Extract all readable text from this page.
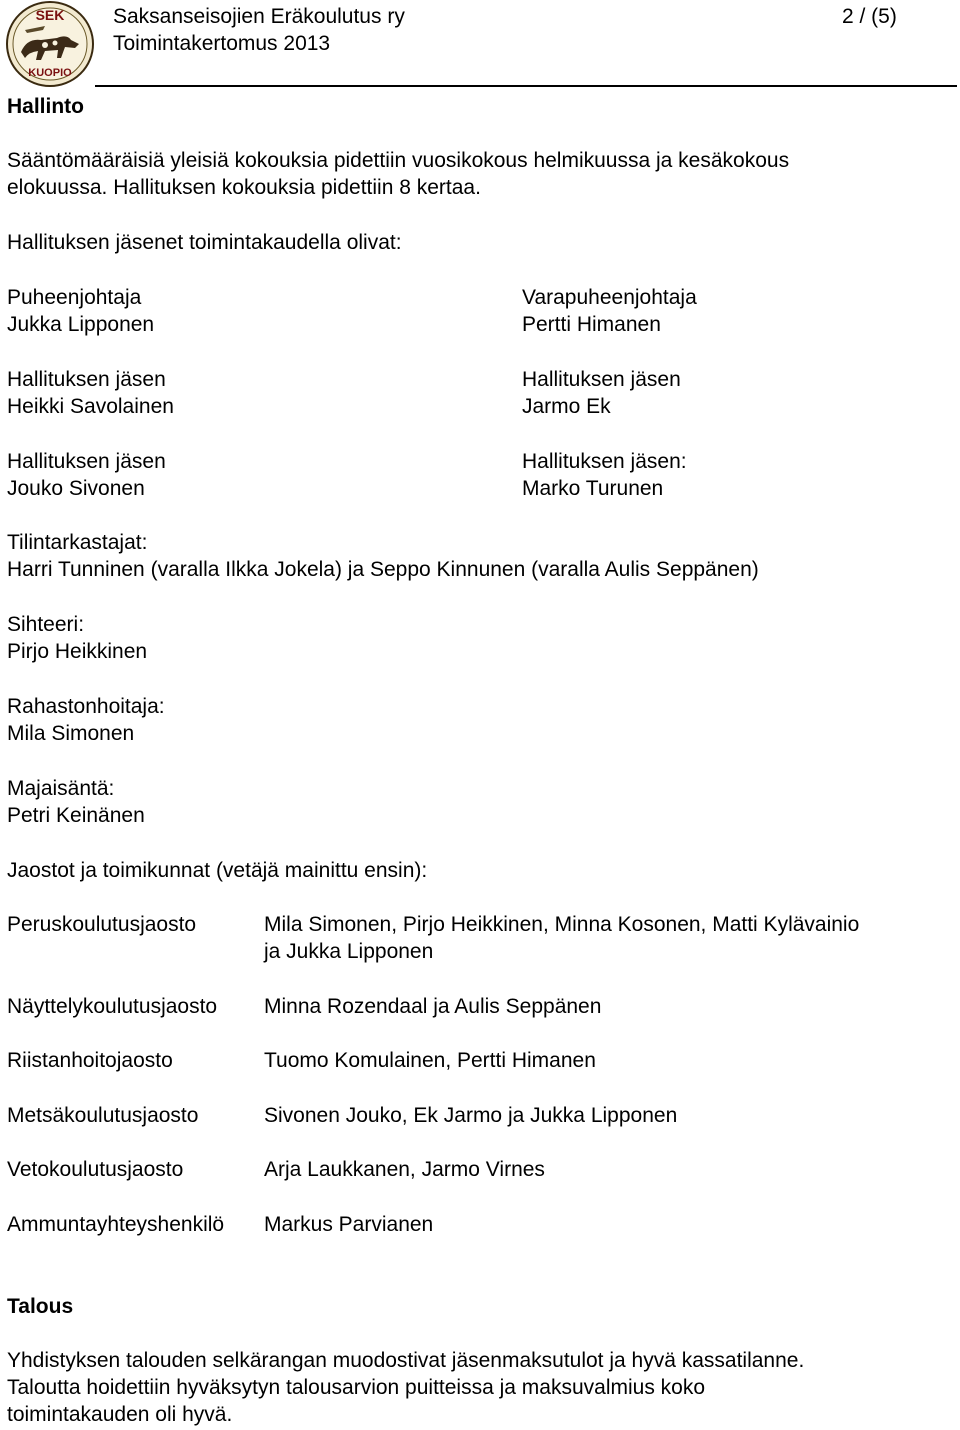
SEK
KUOPIO
Saksanseisojien Eräkoulutus ry
Toimintakertomus 2013
2 / (5)
Hallinto
Sääntömääräisiä yleisiä kokouksia pidettiin vuosikokous helmikuussa ja kesäkokous
elokuussa. Hallituksen kokouksia pidettiin 8 kertaa.
Hallituksen jäsenet toimintakaudella olivat:
Puheenjohtaja
Jukka Lipponen
Varapuheenjohtaja
Pertti Himanen
Hallituksen jäsen
Heikki Savolainen
Hallituksen jäsen
Jarmo Ek
Hallituksen jäsen
Jouko Sivonen
Hallituksen jäsen:
Marko Turunen
Tilintarkastajat:
Harri Tunninen (varalla Ilkka Jokela) ja Seppo Kinnunen (varalla Aulis Seppänen)
Sihteeri:
Pirjo Heikkinen
Rahastonhoitaja:
Mila Simonen
Majaisäntä:
Petri Keinänen
Jaostot ja toimikunnat (vetäjä mainittu ensin):
Peruskoulutusjaosto	Mila Simonen, Pirjo Heikkinen, Minna Kosonen, Matti Kylävainio
ja Jukka Lipponen
Näyttelykoulutusjaosto Minna Rozendaal ja Aulis Seppänen
Riistanhoitojaosto	Tuomo Komulainen, Pertti Himanen
Metsäkoulutusjaosto	Sivonen Jouko, Ek Jarmo ja Jukka Lipponen
Vetokoulutusjaosto	Arja Laukkanen, Jarmo Virnes
Ammuntayhteyshenkilö Markus Parvianen
Talous
Yhdistyksen talouden selkärangan muodostivat jäsenmaksutulot ja hyvä kassatilanne.
Taloutta hoidettiin hyväksytyn talousarvion puitteissa ja maksuvalmius koko
toimintakauden oli hyvä.
